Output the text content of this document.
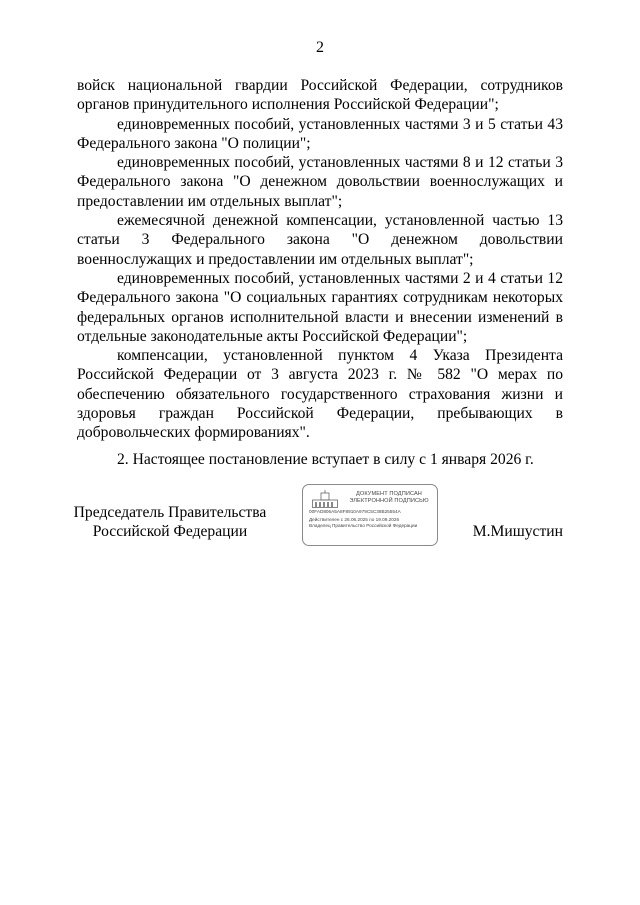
2

войск национальной гвардии Российской Федерации, сотрудников органов принудительного исполнения Российской Федерации";

единовременных пособий, установленных частями 3 и 5 статьи 43 Федерального закона "О полиции";

единовременных пособий, установленных частями 8 и 12 статьи 3 Федерального закона "О денежном довольствии военнослужащих и предоставлении им отдельных выплат";

ежемесячной денежной компенсации, установленной частью 13 статьи 3 Федерального закона "О денежном довольствии военнослужащих и предоставлении им отдельных выплат";

единовременных пособий, установленных частями 2 и 4 статьи 12 Федерального закона "О социальных гарантиях сотрудникам некоторых федеральных органов исполнительной власти и внесении изменений в отдельные законодательные акты Российской Федерации";

компенсации, установленной пунктом 4 Указа Президента Российской Федерации от 3 августа 2023 г. № 582 "О мерах по обеспечению обязательного государственного страхования жизни и здоровья граждан Российской Федерации, пребывающих в добровольческих формированиях".

2. Настоящее постановление вступает в силу с 1 января 2026 г.

Председатель Правительства
Российской Федерации
ДОКУМЕНТ ПОДПИСАН
ЭЛЕКТРОННОЙ ПОДПИСЬЮ
00FAD806A5A8F8910A979C5C38B25554A
Действителен с 26.06.2025 по 19.09.2026
Владелец Правительство Российской Федерации	М.Мишустин
